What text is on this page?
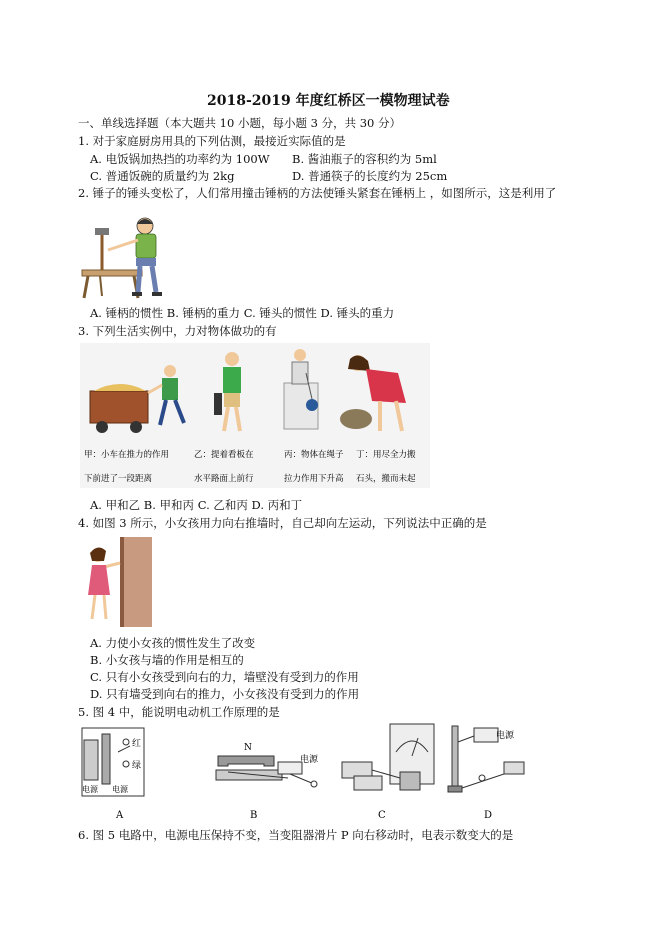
2018-2019 年度红桥区一模物理试卷
一、单线选择题（本大题共 10 小题，每小题 3 分，共 30 分）
1. 对于家庭厨房用具的下列估测，最接近实际值的是
A. 电饭锅加热挡的功率约为 100W B. 酱油瓶子的容积约为 5ml
C. 普通饭碗的质量约为 2kg	D. 普通筷子的长度约为 25cm
2. 锤子的锤头变松了，人们常用撞击锤柄的方法使锤头紧套在锤柄上 ，如图所示，这是利用了
A. 锤柄的惯性 B. 锤柄的重力 C. 锤头的惯性 D. 锤头的重力
3. 下列生活实例中，力对物体做功的有
甲：小车在推力的作用
下前进了一段距离
乙：提着看板在
水平路面上前行
丙：物体在绳子
拉力作用下升高
丁：用尽全力搬
石头，搬而未起
A. 甲和乙 B. 甲和丙 C. 乙和丙 D. 丙和丁
4. 如图 3 所示，小女孩用力向右推墙时，自己却向左运动，下列说法中正确的是
A. 力使小女孩的惯性发生了改变
B. 小女孩与墙的作用是相互的
C. 只有小女孩受到向右的力，墙壁没有受到力的作用
D. 只有墙受到向右的推力，小女孩没有受到力的作用
5. 图 4 中，能说明电动机工作原理的是
红
绿
电源 电源
A
N
电源
B	C
电源
D
6. 图 5 电路中，电源电压保持不变，当变阻器滑片 P 向右移动时，电表示数变大的是
